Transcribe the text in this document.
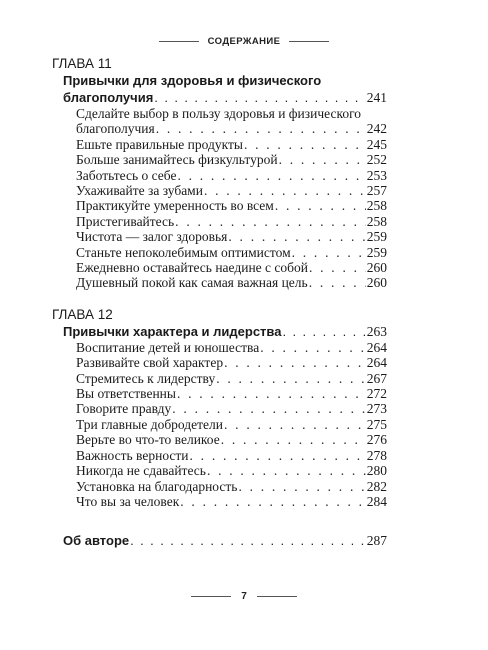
СОДЕРЖАНИЕ
ГЛАВА 11
Привычки для здоровья и физического
благополучия . . .	241
Сделайте выбор в пользу здоровья и физического
благополучия . . .	242
Ешьте правильные продукты . . .	245
Больше занимайтесь физкультурой . . .	252
Заботьтесь о себе . . .	253
Ухаживайте за зубами . . .	257
Практикуйте умеренность во всем . . .	258
Пристегивайтесь . . .	258
Чистота — залог здоровья . . .	259
Станьте непоколебимым оптимистом . . .	259
Ежедневно оставайтесь наедине с собой . . .	260
Душевный покой как самая важная цель . . .	260
ГЛАВА 12
Привычки характера и лидерства . . .	263
Воспитание детей и юношества . . .	264
Развивайте свой характер . . .	264
Стремитесь к лидерству . . .	267
Вы ответственны . . .	272
Говорите правду . . .	273
Три главные добродетели . . .	275
Верьте во что-то великое . . .	276
Важность верности . . .	278
Никогда не сдавайтесь . . .	280
Установка на благодарность . . .	282
Что вы за человек . . .	284
Об авторе . . .	287
7
